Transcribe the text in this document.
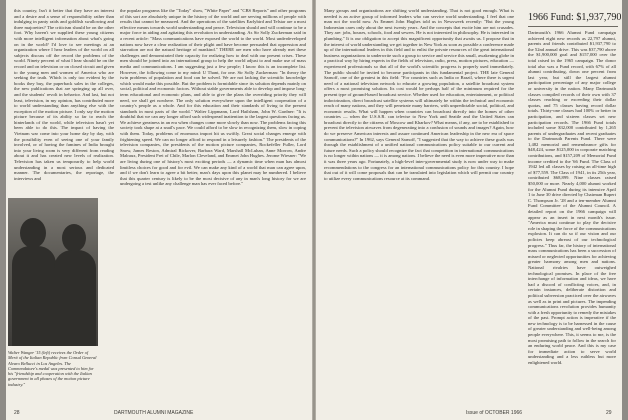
this country, Isn't it better that they have an interest and a desire and a sense of responsibility rather than indulging in panty raids and goldfish swallowing and three majorettes? The criticism should be on the other foot. Why haven't we supplied these young citizens with more intelligent information about what's going on in the world? I'd love to see meetings at an organization where I hear leaders of the world on all subjects discuss off the record the problems of the world. Ninety percent of what I hear should be on the record and on television or on closed circuit and given to the young men and women of America who are seeking the truth. Which is only too evident by the books they buy, the paperback sales in the colleges, the new publications that are springing up all over, and the students' revolt in behavior. And last, but not least, television, in my opinion, has contributed more to world understanding than anything else with the exception of the motion picture. I only say the motion picture because of its ability so far to reach the hinterlands of the world, while television hasn't yet been able to do this. The impact of having the Vietnam war come into your home day by day, with the possibility even of seeing one of your family involved, or of having the famines of India brought into your living room is very different from reading about it and has created new levels of realization. Television has taken us temporarily to help world understanding in a most serious and dedicated manner. The documentaries, the reportage, the interviews and

the popular programs like the "Today" show, "White Paper" and "CBS Reports" and other programs of this sort are absolutely unique in the history of the world and are serving millions of people with results that cannot be measured. And the operations of the satellites Earlybird and Telstar are a most effective means towards world understanding and peace. Television should and will continue to be a major force in aiding and agitating this revolution in understanding. As Sir Solly Zuckerman said in a recent article: "Mass communications have exposed the world to the world. Most underdeveloped nations now have a clear realization of their plight and have become persuaded that oppression and starvation are not the natural heritage of mankind." THERE are men who have already met these challenges and demonstrated their capacity for realizing how to deal with our present crises. These men should be joined into an international group to help the world adjust to and make use of mass media and communications. I am suggesting just a few people; I know this is an incomplete list. However, the following come to my mind: U Thant, for one. Sir Solly Zuckerman: "In theory the twin problems of population and food can be solved. We are not lacking the scientific knowledge which would make this possible. But the problem is formidable since its solution depends mainly on social, political and economic factors. Without stable governments able to develop and impose long-term educational and economic plans, and able to give the plans the overriding priority they will need, we shall get nowhere. The only solution everywhere upon the intelligent cooperation of a country's people as a whole. And for this education and their standards of living to the present standards in most parts of the world." Walter Lippmann, Lord Hailsham, John W. Gardner: "It is doubtful that we can any longer afford such widespread inattention to the largest questions facing us. We achieve greatness in an era when changes come more slowly than now. The problems facing this society took shape at a snail's pace. We could afford to be slow in recognizing them, slow in coping with them. Today, problems of enormous import hit us swiftly. Great social changes emerge with frightening speed. We can no longer afford to respond in a leisurely fashion." The presidents of the television companies, the presidents of the motion picture companies, Rockefeller Fuller, Lord Snow, James Reston, Admiral Rickover, Barbara Ward, Marshall McLuhan, Anne Morrow, Andre Malraux, President Frei of Chile, Marlon Cleveland, and Emmet John Hughes. Jerome Wiesner: "We are living during one of history's most exciting periods — a dynamic time when man has almost limitless choices for good and for evil. We can make any kind of a world that man can agree upon, and if we don't learn to agree a bit better, man's days upon this planet may be numbered. I believe that this quarter century is likely to be the most decisive of any in man's long history for we are undergoing a test unlike any challenge man has ever faced before."

Walter Wanger '15 (left) receives the Order of Merit of the Italian Republic from Consul General Alvaro Bellucci in Los Angeles. The Commendatore's medal was presented to him for his "friendship and cooperation with the Italian government in all phases of the motion picture industry."
28	DARTMOUTH ALUMNI MAGAZINE

Many groups and organizations are shifting world understanding. That is not good enough. What is needed is an active group of informed leaders who can service world understanding. I feel that one man not the world now. As Emmet John Hughes told us in Newsweek recently: "But the young Indonesian cares only about the next twenty years. And the concepts that excite him are not crusades. They are: jobs, houses, schools, food and sewers. He is not interested in philosophy. He is interested in plumbing." It is our obligation to accept this magnificent opportunity that awaits us. I propose that in the interest of world understanding we get together in New York as soon as possible a conference made up of the international leaders in this field and to enlist the private resources of the great international business organizations to underwrite such a group to service and service this small, awakening globe in a practical way by hiring experts in the fields of television, radio, press, motion pictures, education — experienced professionals so that all of the world's scientific progress is properly used immediately. The public should be invited to become participants in this fundamental project. THE late General Sarnoff, one of the greatest in this field: "For countries such as India or Brazil, where there is urgent need of a national television network to educate a growing population, a satellite broadcast system offers a most promising solution. Its cost would be perhaps half of the minimum required for the present type of ground-based broadcast service. Whether used for education, entertainment, or political indoctrination, direct broadcast satellite systems will ultimately be within the technical and economic reach of many nations, and they will penetrate many barriers, with unpredictable social, political, and economic results. What will happen when countries can broadcast directly into the homes of other countries — when the U.S.S.R. can televise to New York and Seattle and the United States can broadcast directly to the citizens of Moscow and Kharkov? What means, if any, are to be established to prevent the television airwaves from degenerating into a confusion of sounds and images? Again, how do we preserve American interests and assure continued American leadership in the new era of space communications?" In 1962, says General Sarnoff, "I suggested that the way to achieve these goals was through the establishment of a unified national communications policy suitable to our current and future needs. Such a policy should recognize the fact that competition in international communications is no longer within nations — it is among nations. I believe the need is even more imperative now than it was three years ago. Fortunately, a high-level inter-governmental study is now under way to make recommendations to the congress for an international communications policy for this country. I hope that out of it will come proposals that can be translated into legislation which will permit our country to utilize every communications resource at its command.

1966 Fund: $1,937,790

Dartmouth's 1966 Alumni Fund campaign achieved eight new records as 22,797 alumni, parents and friends contributed $1,937,790 to the 52nd annual drive. This was $37,790 above the $1,900,000 goal and $157,000 over the total raised in the 1965 campaign. The donor total also was a Fund record, with 67% of all alumni contributing, down one percent from last year, but still the largest alumni participation percentage of any major college or university in the nation. Many Dartmouth classes compiled records of their own with 37 classes reaching or exceeding their dollar quotas, and 75 classes having record dollar totals. Thirty-one classes had 100% or better in participation, and sixteen classes set new participation records. The 1966 Fund totals included some $32,000 contributed by 1,265 parents of undergraduates and recent graduates to the Dartmouth Parents Fund. There were 1,482 memorial and remembrance gifts for $48,424, some $125,000 in corporate matching contributions, and $157,209 of Memorial Fund income credited to the '66 Fund. The Class of 1942 led all classes by raising an all-time high of $77,559. The Class of 1941, in its 25th year, contributed $68,899. Nine classes raised $50,000 or more. Nearly 4,000 alumni worked for the Alumni Fund during its intensive April 1 to June 30 drive directed by Chairman Rupert C. Thompson Jr. '28 and a ten-member Alumni Fund Committee of the Alumni Council. A detailed report on the 1966 campaign will appear as an insert in next month's issue. "America must continue to play the decisive role in shaping the force of the communications explosion. It can do so if our vision and our policies keep abreast of our technological progress." Thus far, the history of international mass communications has been a succession of missed or neglected opportunities for achieving greater harmony among men and nations. National rivalries have outweighed technological promises. In place of the free interchange of information and ideas, we have had a discord of conflicting voices, and, in certain instances, deliberate distortion and political subversion practiced over the airwaves as well as in print and pictures. The impending communications revolution provides humanity with a fresh opportunity to remedy the mistakes of the past. Prompt action is imperative if the new technology is to be harnessed in the cause of greater understanding and well-being among people everywhere. This, it seems to me, is the most promising path to follow in the search for an enduring world peace. And this is my case for immediate action to serve world understanding and a less ruthless but more enlightened world.

Issue of OCTOBER 1966	29
